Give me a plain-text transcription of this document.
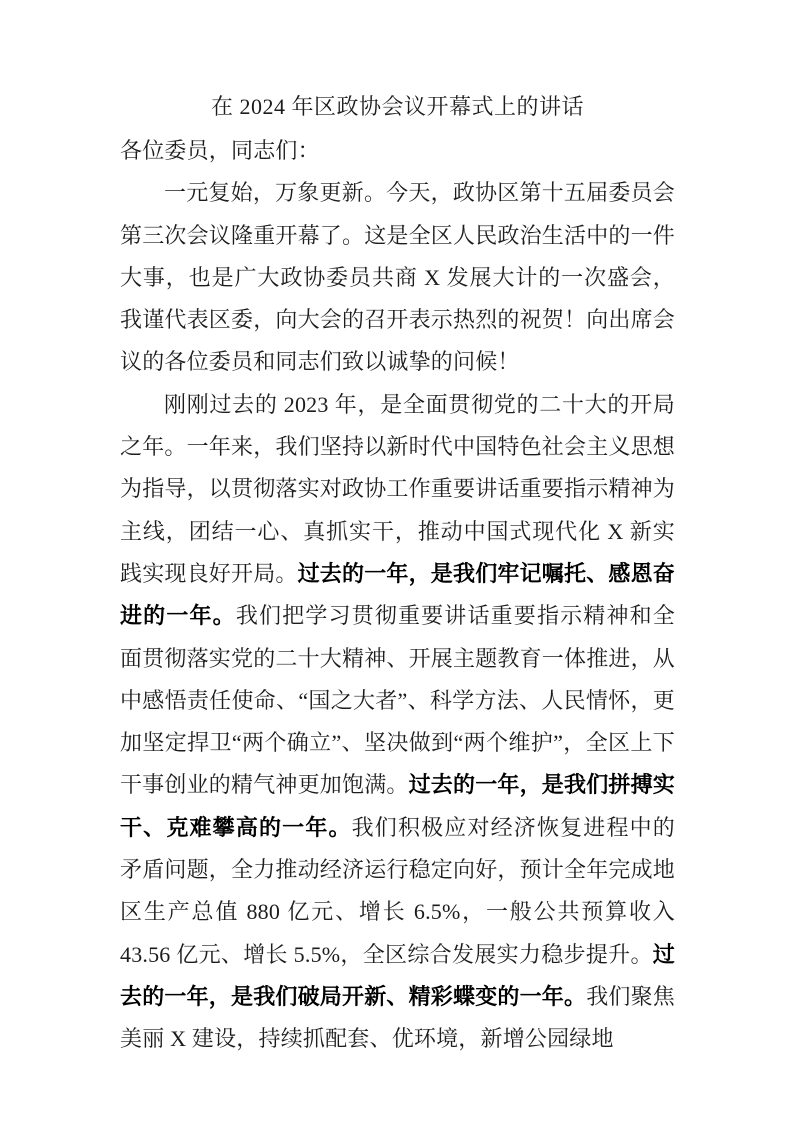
在 2024 年区政协会议开幕式上的讲话

各位委员，同志们：

一元复始，万象更新。今天，政协区第十五届委员会第三次会议隆重开幕了。这是全区人民政治生活中的一件大事，也是广大政协委员共商 X 发展大计的一次盛会，我谨代表区委，向大会的召开表示热烈的祝贺！向出席会议的各位委员和同志们致以诚挚的问候！

刚刚过去的 2023 年，是全面贯彻党的二十大的开局之年。一年来，我们坚持以新时代中国特色社会主义思想为指导，以贯彻落实对政协工作重要讲话重要指示精神为主线，团结一心、真抓实干，推动中国式现代化 X 新实践实现良好开局。过去的一年，是我们牢记嘱托、感恩奋进的一年。我们把学习贯彻重要讲话重要指示精神和全面贯彻落实党的二十大精神、开展主题教育一体推进，从中感悟责任使命、“国之大者”、科学方法、人民情怀，更加坚定捍卫“两个确立”、坚决做到“两个维护”，全区上下干事创业的精气神更加饱满。过去的一年，是我们拼搏实干、克难攀高的一年。我们积极应对经济恢复进程中的矛盾问题，全力推动经济运行稳定向好，预计全年完成地区生产总值 880 亿元、增长 6.5%，一般公共预算收入 43.56 亿元、增长 5.5%，全区综合发展实力稳步提升。过去的一年，是我们破局开新、精彩蝶变的一年。我们聚焦美丽 X 建设，持续抓配套、优环境，新增公园绿地
